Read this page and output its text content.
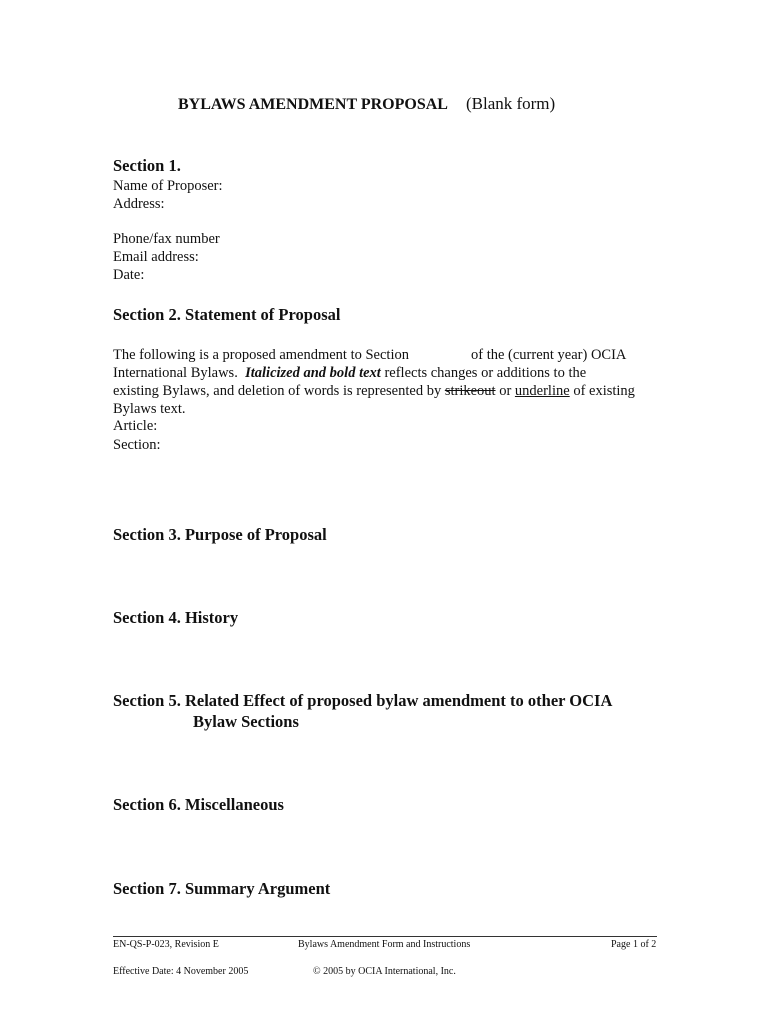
BYLAWS AMENDMENT PROPOSAL (Blank form)
Section 1.
Name of Proposer:
Address:
Phone/fax number
Email address:
Date:
Section 2. Statement of Proposal
The following is a proposed amendment to Section	of the (current year) OCIA
International Bylaws. Italicized and bold text reflects changes or additions to the
existing Bylaws, and deletion of words is represented by strikeout or underline of existing
Bylaws text.
Article:
Section:
Section 3. Purpose of Proposal
Section 4. History
Section 5. Related Effect of proposed bylaw amendment to other OCIA
Bylaw Sections
Section 6. Miscellaneous
Section 7. Summary Argument
EN-QS-P-023, Revision E	Bylaws Amendment Form and Instructions	Page 1 of 2
Effective Date: 4 November 2005	© 2005 by OCIA International, Inc.
